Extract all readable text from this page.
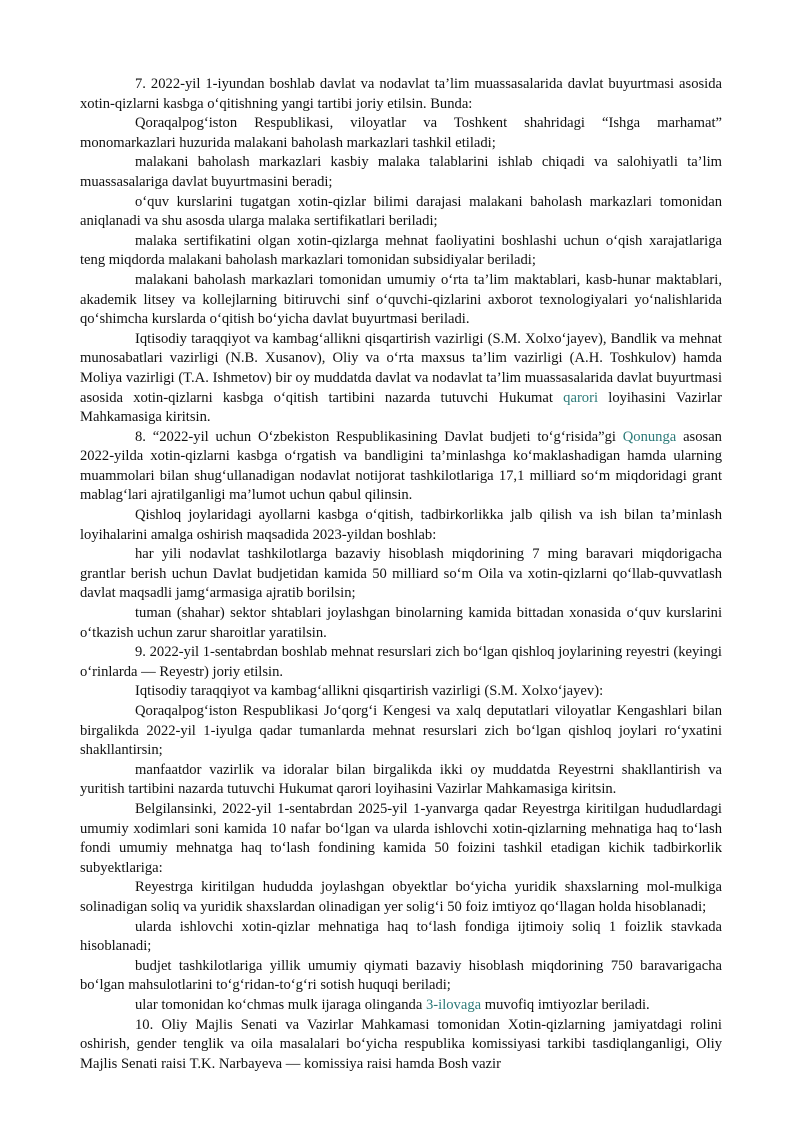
7. 2022-yil 1-iyundan boshlab davlat va nodavlat ta’lim muassasalarida davlat buyurtmasi asosida xotin-qizlarni kasbga o‘qitishning yangi tartibi joriy etilsin. Bunda:

Qoraqalpog‘iston Respublikasi, viloyatlar va Toshkent shahridagi “Ishga marhamat” monomarkazlari huzurida malakani baholash markazlari tashkil etiladi;

malakani baholash markazlari kasbiy malaka talablarini ishlab chiqadi va salohiyatli ta’lim muassasalariga davlat buyurtmasini beradi;

o‘quv kurslarini tugatgan xotin-qizlar bilimi darajasi malakani baholash markazlari tomonidan aniqlanadi va shu asosda ularga malaka sertifikatlari beriladi;

malaka sertifikatini olgan xotin-qizlarga mehnat faoliyatini boshlashi uchun o‘qish xarajatlariga teng miqdorda malakani baholash markazlari tomonidan subsidiyalar beriladi;

malakani baholash markazlari tomonidan umumiy o‘rta ta’lim maktablari, kasb-hunar maktablari, akademik litsey va kollejlarning bitiruvchi sinf o‘quvchi-qizlarini axborot texnologiyalari yo‘nalishlarida qo‘shimcha kurslarda o‘qitish bo‘yicha davlat buyurtmasi beriladi.

Iqtisodiy taraqqiyot va kambag‘allikni qisqartirish vazirligi (S.M. Xolxo‘jayev), Bandlik va mehnat munosabatlari vazirligi (N.B. Xusanov), Oliy va o‘rta maxsus ta’lim vazirligi (A.H. Toshkulov) hamda Moliya vazirligi (T.A. Ishmetov) bir oy muddatda davlat va nodavlat ta’lim muassasalarida davlat buyurtmasi asosida xotin-qizlarni kasbga o‘qitish tartibini nazarda tutuvchi Hukumat qarori loyihasini Vazirlar Mahkamasiga kiritsin.

8. “2022-yil uchun O‘zbekiston Respublikasining Davlat budjeti to‘g‘risida”gi Qonunga asosan 2022-yilda xotin-qizlarni kasbga o‘rgatish va bandligini ta’minlashga ko‘maklashadigan hamda ularning muammolari bilan shug‘ullanadigan nodavlat notijorat tashkilotlariga 17,1 milliard so‘m miqdoridagi grant mablag‘lari ajratilganligi ma’lumot uchun qabul qilinsin.

Qishloq joylaridagi ayollarni kasbga o‘qitish, tadbirkorlikka jalb qilish va ish bilan ta’minlash loyihalarini amalga oshirish maqsadida 2023-yildan boshlab:

har yili nodavlat tashkilotlarga bazaviy hisoblash miqdorining 7 ming baravari miqdorigacha grantlar berish uchun Davlat budjetidan kamida 50 milliard so‘m Oila va xotin-qizlarni qo‘llab-quvvatlash davlat maqsadli jamg‘armasiga ajratib borilsin;

tuman (shahar) sektor shtablari joylashgan binolarning kamida bittadan xonasida o‘quv kurslarini o‘tkazish uchun zarur sharoitlar yaratilsin.

9. 2022-yil 1-sentabrdan boshlab mehnat resurslari zich bo‘lgan qishloq joylarining reyestri (keyingi o‘rinlarda — Reyestr) joriy etilsin.

Iqtisodiy taraqqiyot va kambag‘allikni qisqartirish vazirligi (S.M. Xolxo‘jayev):

Qoraqalpog‘iston Respublikasi Jo‘qorg‘i Kengesi va xalq deputatlari viloyatlar Kengashlari bilan birgalikda 2022-yil 1-iyulga qadar tumanlarda mehnat resurslari zich bo‘lgan qishloq joylari ro‘yxatini shakllantirsin;

manfaatdor vazirlik va idoralar bilan birgalikda ikki oy muddatda Reyestrni shakllantirish va yuritish tartibini nazarda tutuvchi Hukumat qarori loyihasini Vazirlar Mahkamasiga kiritsin.

Belgilansinki, 2022-yil 1-sentabrdan 2025-yil 1-yanvarga qadar Reyestrga kiritilgan hududlardagi umumiy xodimlari soni kamida 10 nafar bo‘lgan va ularda ishlovchi xotin-qizlarning mehnatiga haq to‘lash fondi umumiy mehnatga haq to‘lash fondining kamida 50 foizini tashkil etadigan kichik tadbirkorlik subyektlariga:

Reyestrga kiritilgan hududda joylashgan obyektlar bo‘yicha yuridik shaxslarning mol-mulkiga solinadigan soliq va yuridik shaxslardan olinadigan yer solig‘i 50 foiz imtiyoz qo‘llagan holda hisoblanadi;

ularda ishlovchi xotin-qizlar mehnatiga haq to‘lash fondiga ijtimoiy soliq 1 foizlik stavkada hisoblanadi;

budjet tashkilotlariga yillik umumiy qiymati bazaviy hisoblash miqdorining 750 baravarigacha bo‘lgan mahsulotlarini to‘g‘ridan-to‘g‘ri sotish huquqi beriladi;

ular tomonidan ko‘chmas mulk ijaraga olinganda 3-ilovaga muvofiq imtiyozlar beriladi.

10. Oliy Majlis Senati va Vazirlar Mahkamasi tomonidan Xotin-qizlarning jamiyatdagi rolini oshirish, gender tenglik va oila masalalari bo‘yicha respublika komissiyasi tarkibi tasdiqlanganligi, Oliy Majlis Senati raisi T.K. Narbayeva — komissiya raisi hamda Bosh vazir
